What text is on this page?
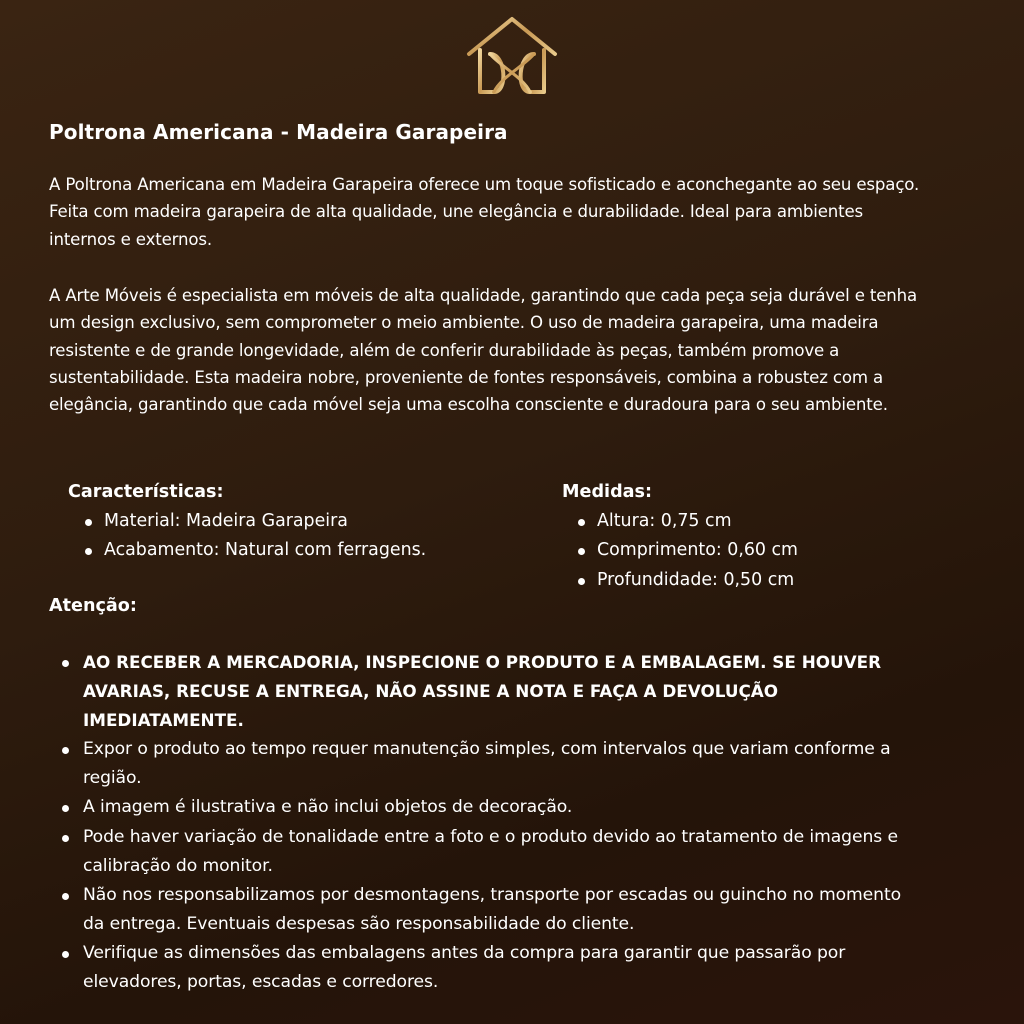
Poltrona Americana - Madeira Garapeira

A Poltrona Americana em Madeira Garapeira oferece um toque sofisticado e aconchegante ao seu espaço. Feita com madeira garapeira de alta qualidade, une elegância e durabilidade. Ideal para ambientes internos e externos.

A Arte Móveis é especialista em móveis de alta qualidade, garantindo que cada peça seja durável e tenha um design exclusivo, sem comprometer o meio ambiente. O uso de madeira garapeira, uma madeira resistente e de grande longevidade, além de conferir durabilidade às peças, também promove a sustentabilidade. Esta madeira nobre, proveniente de fontes responsáveis, combina a robustez com a elegância, garantindo que cada móvel seja uma escolha consciente e duradoura para o seu ambiente.

Características:
Material: Madeira Garapeira
Acabamento: Natural com ferragens.
Medidas:
Altura: 0,75 cm
Comprimento: 0,60 cm
Profundidade: 0,50 cm
Atenção:
AO RECEBER A MERCADORIA, INSPECIONE O PRODUTO E A EMBALAGEM. SE HOUVER AVARIAS, RECUSE A ENTREGA, NÃO ASSINE A NOTA E FAÇA A DEVOLUÇÃO IMEDIATAMENTE.
Expor o produto ao tempo requer manutenção simples, com intervalos que variam conforme a região.
A imagem é ilustrativa e não inclui objetos de decoração.
Pode haver variação de tonalidade entre a foto e o produto devido ao tratamento de imagens e calibração do monitor.
Não nos responsabilizamos por desmontagens, transporte por escadas ou guincho no momento da entrega. Eventuais despesas são responsabilidade do cliente.
Verifique as dimensões das embalagens antes da compra para garantir que passarão por elevadores, portas, escadas e corredores.
